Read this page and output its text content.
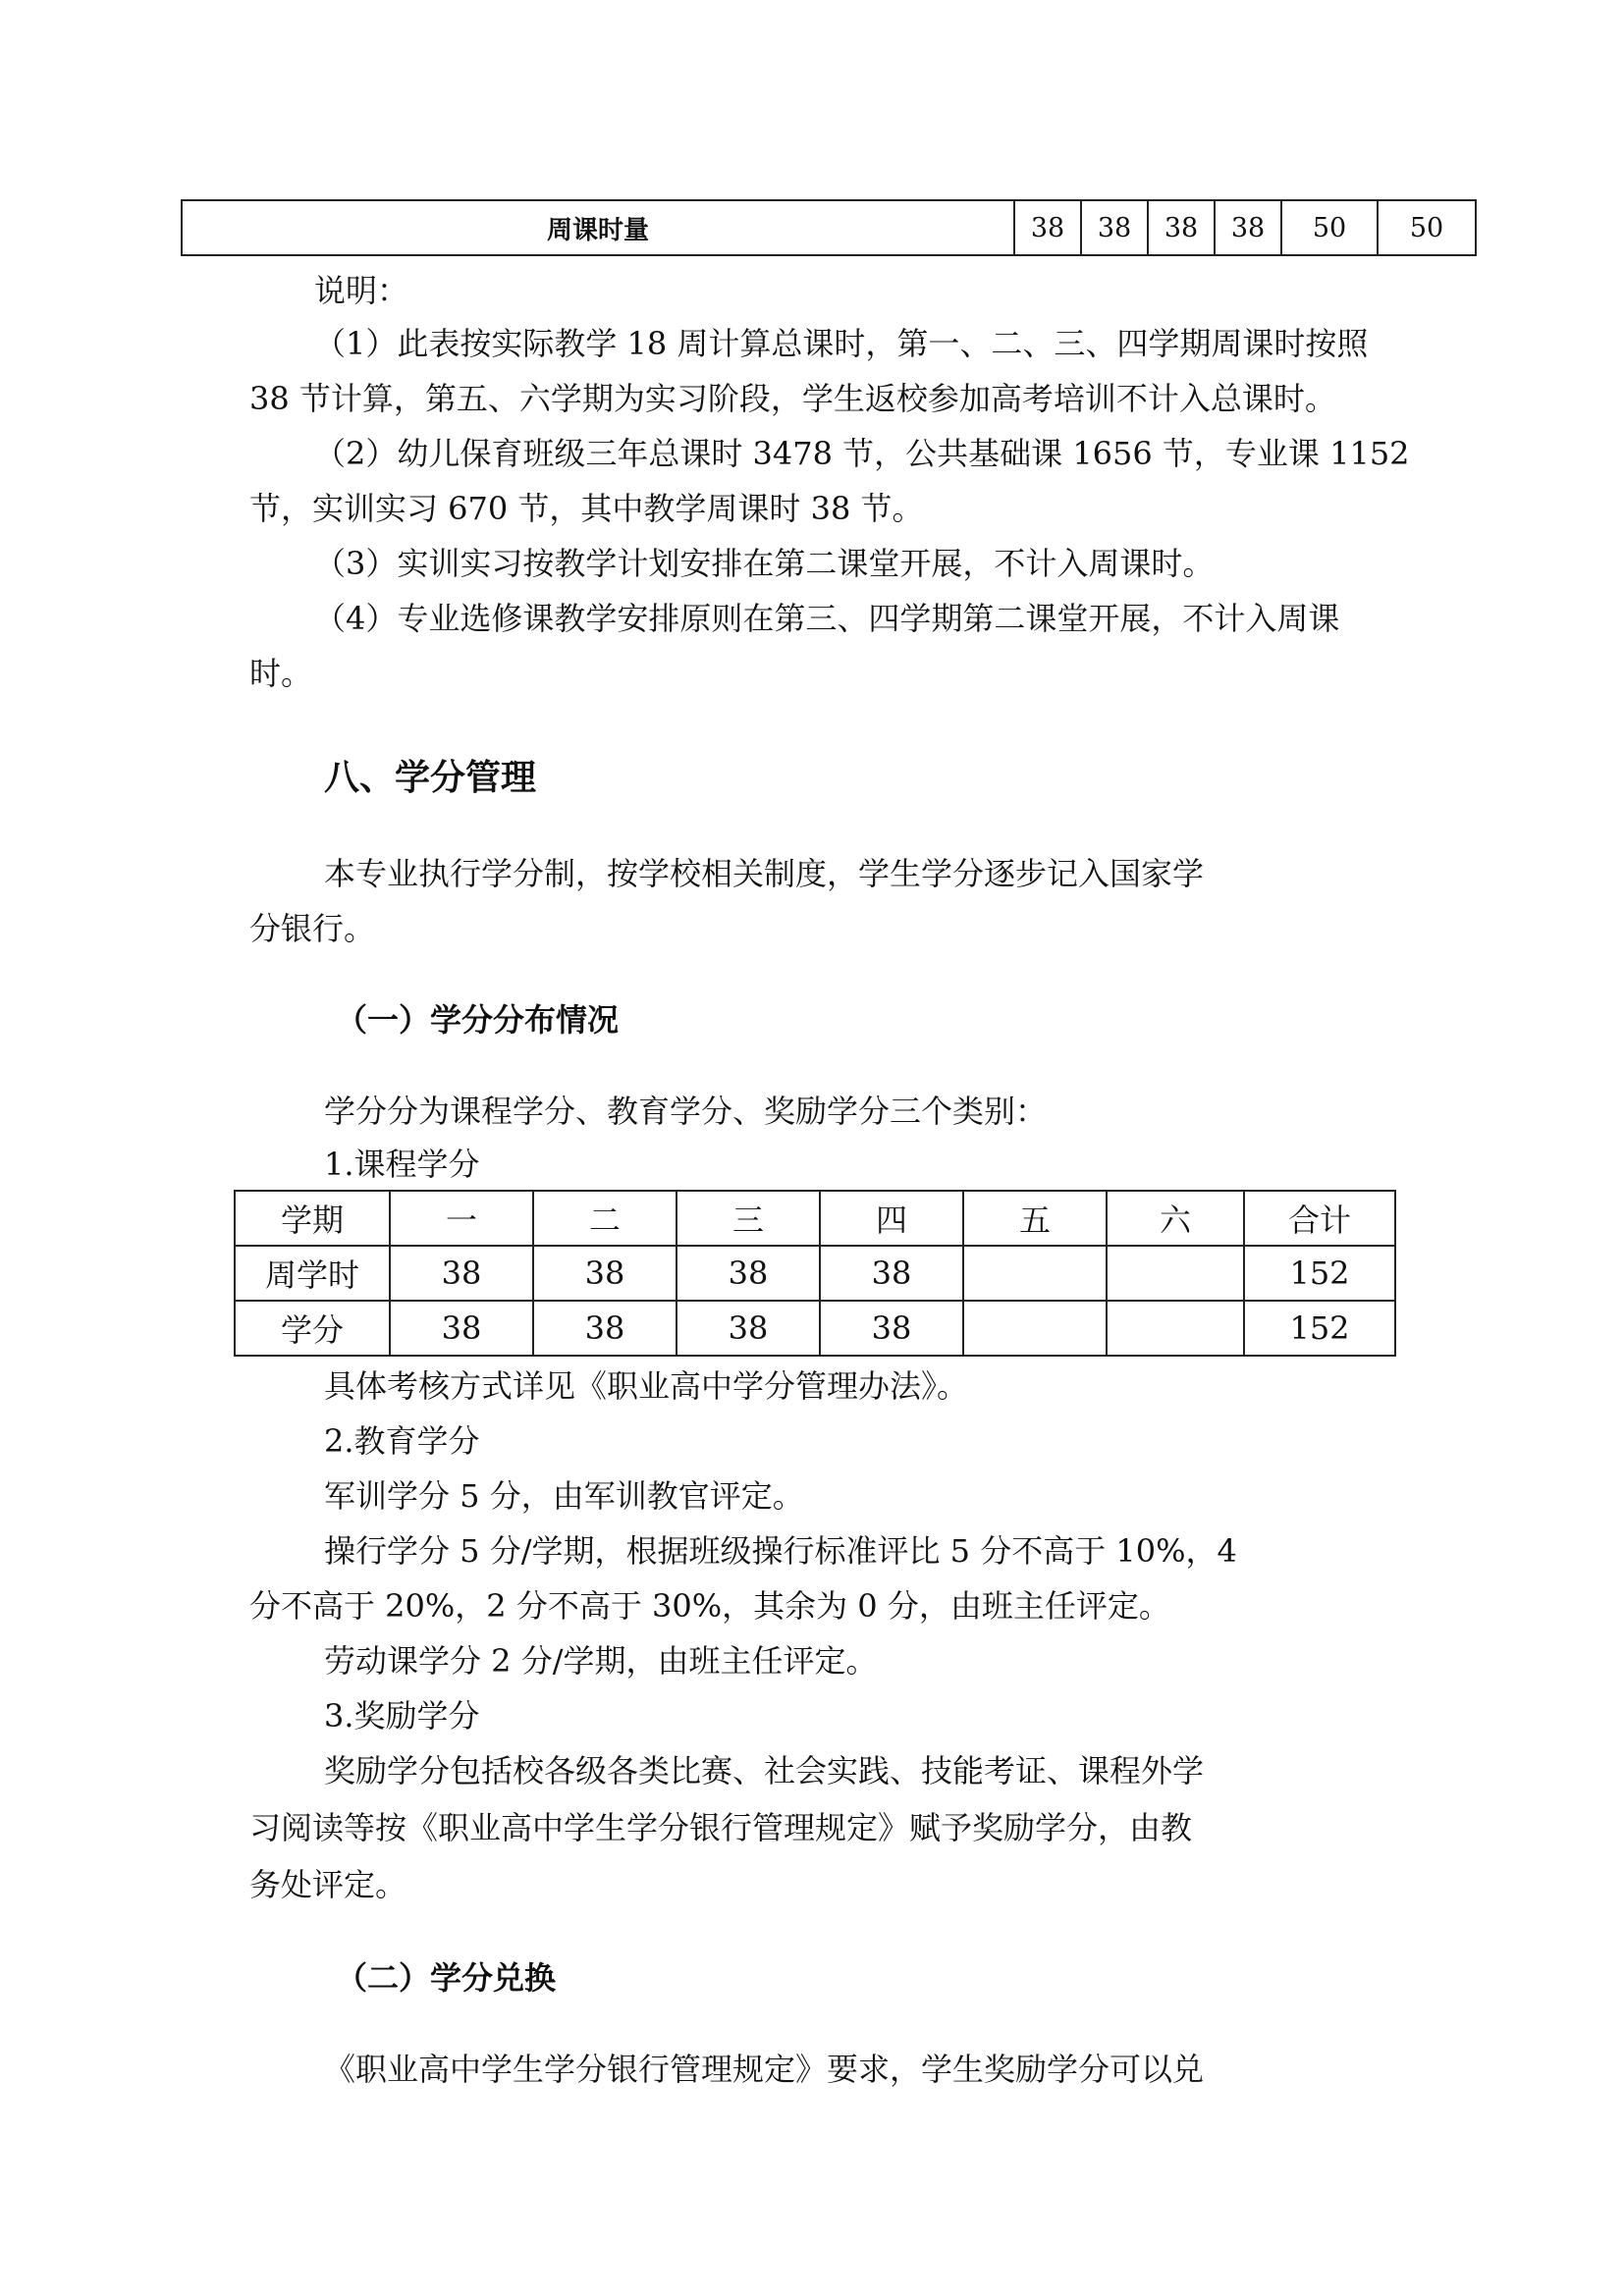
周课时量	38	38	38	38	50	50
说明：
（1）此表按实际教学 18 周计算总课时，第一、二、三、四学期周课时按照
38 节计算，第五、六学期为实习阶段，学生返校参加高考培训不计入总课时。
（2）幼儿保育班级三年总课时 3478 节，公共基础课 1656 节，专业课 1152
节，实训实习 670 节，其中教学周课时 38 节。
（3）实训实习按教学计划安排在第二课堂开展，不计入周课时。
（4）专业选修课教学安排原则在第三、四学期第二课堂开展，不计入周课
时。
八、学分管理
本专业执行学分制，按学校相关制度，学生学分逐步记入国家学
分银行。
（一）学分分布情况
学分分为课程学分、教育学分、奖励学分三个类别：
1.课程学分
学期	一	二	三	四	五	六	合计
周学时	38	38	38	38			152
学分	38	38	38	38			152
具体考核方式详见《职业高中学分管理办法》。
2.教育学分
军训学分 5 分，由军训教官评定。
操行学分 5 分/学期，根据班级操行标准评比 5 分不高于 10%，4
分不高于 20%，2 分不高于 30%，其余为 0 分，由班主任评定。
劳动课学分 2 分/学期，由班主任评定。
3.奖励学分
奖励学分包括校各级各类比赛、社会实践、技能考证、课程外学
习阅读等按《职业高中学生学分银行管理规定》赋予奖励学分，由教
务处评定。
（二）学分兑换
《职业高中学生学分银行管理规定》要求，学生奖励学分可以兑
